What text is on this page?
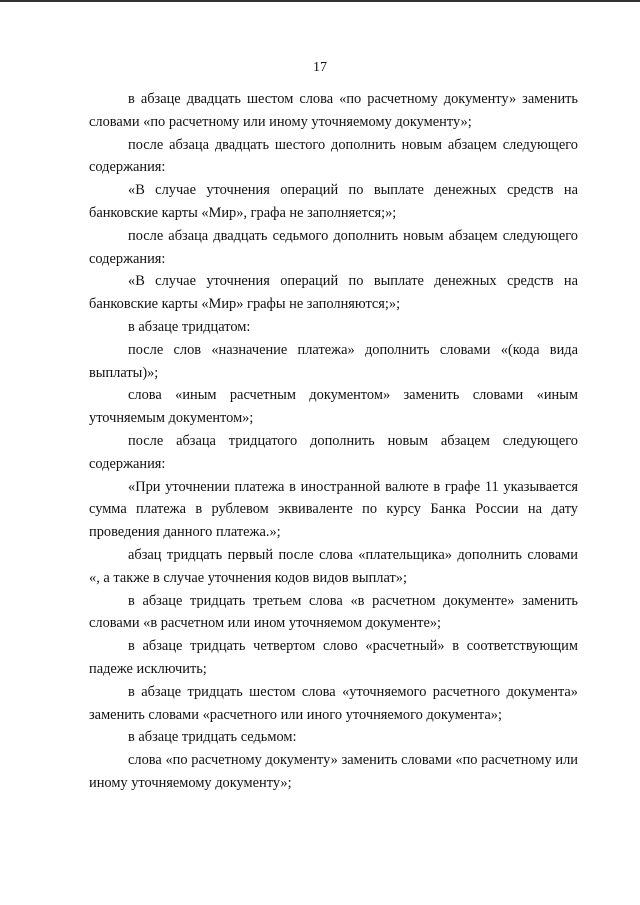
17

в абзаце двадцать шестом слова «по расчетному документу» заменить словами «по расчетному или иному уточняемому документу»;

после абзаца двадцать шестого дополнить новым абзацем следующего содержания:

«В случае уточнения операций по выплате денежных средств на банковские карты «Мир», графа не заполняется;»;

после абзаца двадцать седьмого дополнить новым абзацем следующего содержания:

«В случае уточнения операций по выплате денежных средств на банковские карты «Мир» графы не заполняются;»;

в абзаце тридцатом:

после слов «назначение платежа» дополнить словами «(кода вида выплаты)»;

слова «иным расчетным документом» заменить словами «иным уточняемым документом»;

после абзаца тридцатого дополнить новым абзацем следующего содержания:

«При уточнении платежа в иностранной валюте в графе 11 указывается сумма платежа в рублевом эквиваленте по курсу Банка России на дату проведения данного платежа.»;

абзац тридцать первый после слова «плательщика» дополнить словами «, а также в случае уточнения кодов видов выплат»;

в абзаце тридцать третьем слова «в расчетном документе» заменить словами «в расчетном или ином уточняемом документе»;

в абзаце тридцать четвертом слово «расчетный» в соответствующим падеже исключить;

в абзаце тридцать шестом слова «уточняемого расчетного документа» заменить словами «расчетного или иного уточняемого документа»;

в абзаце тридцать седьмом:

слова «по расчетному документу» заменить словами «по расчетному или иному уточняемому документу»;
